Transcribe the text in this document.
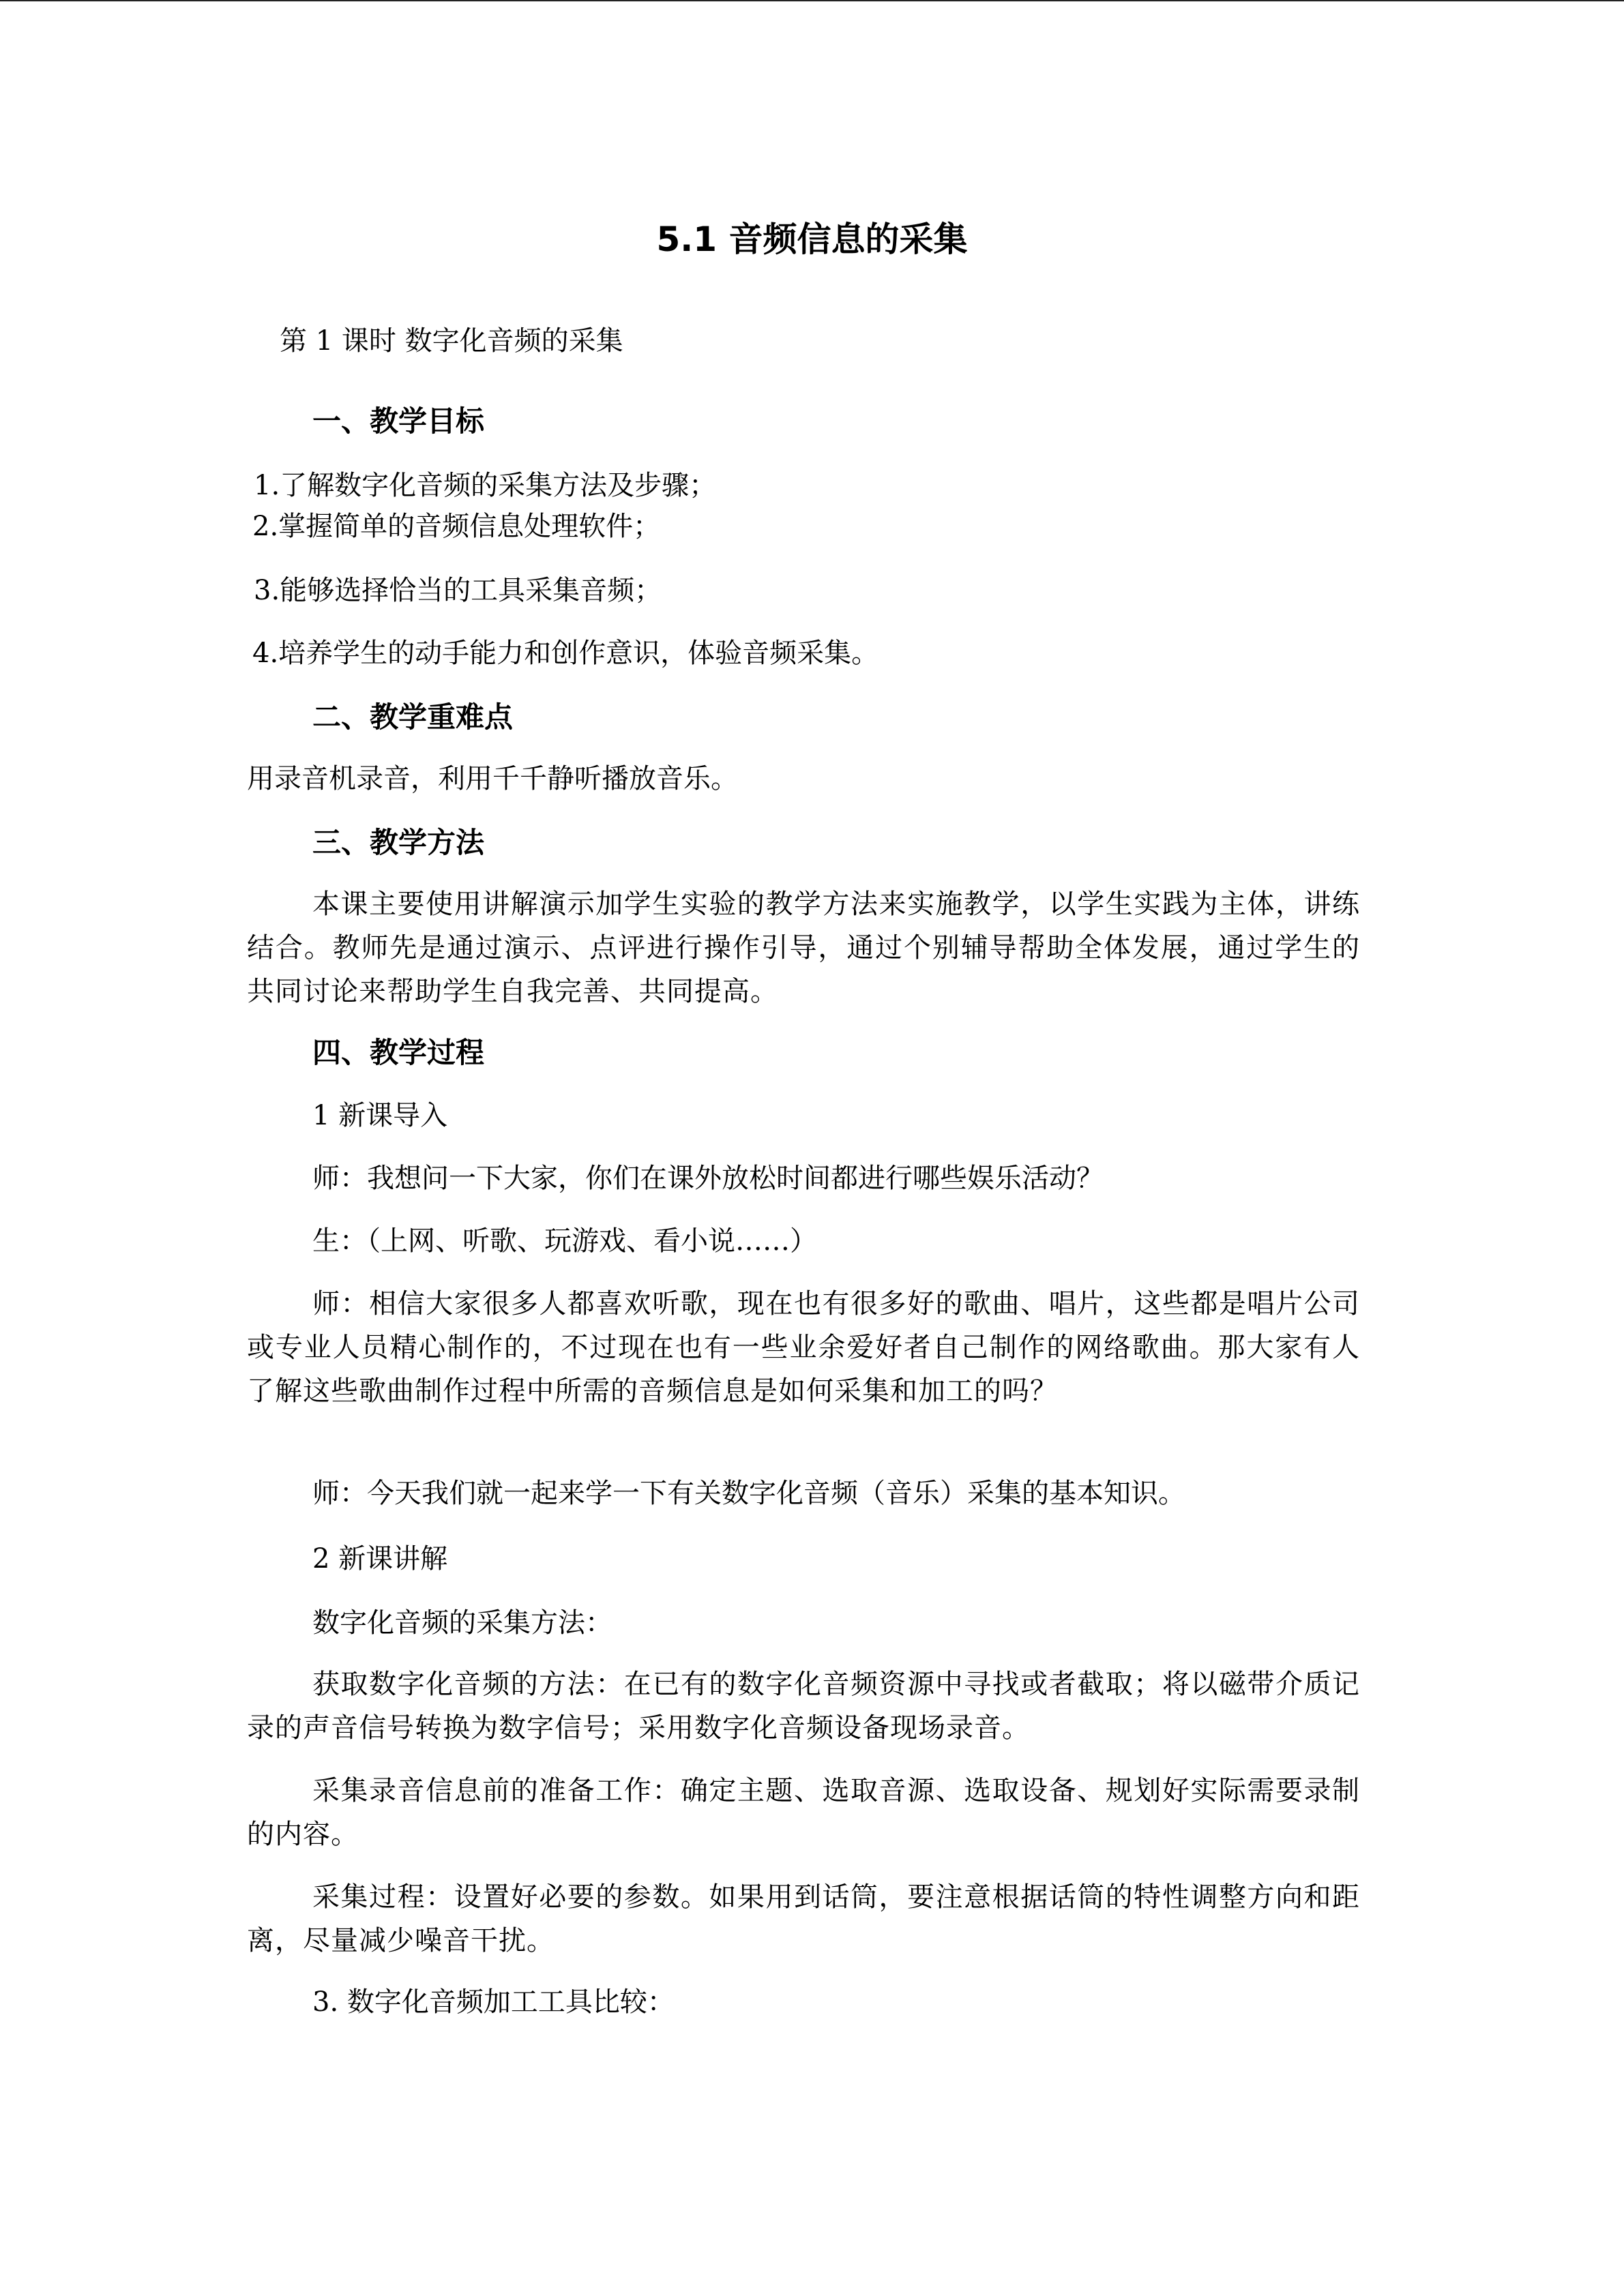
5.1 音频信息的采集
第 1 课时 数字化音频的采集
一、教学目标
1.了解数字化音频的采集方法及步骤；
2.掌握简单的音频信息处理软件；
3.能够选择恰当的工具采集音频；
4.培养学生的动手能力和创作意识，体验音频采集。
二、教学重难点
用录音机录音，利用千千静听播放音乐。
三、教学方法
本课主要使用讲解演示加学生实验的教学方法来实施教学，以学生实践为主体，讲练结合。教师先是通过演示、点评进行操作引导，通过个别辅导帮助全体发展，通过学生的共同讨论来帮助学生自我完善、共同提高。
四、教学过程
1 新课导入
师：我想问一下大家，你们在课外放松时间都进行哪些娱乐活动？
生：（上网、听歌、玩游戏、看小说……）
师：相信大家很多人都喜欢听歌，现在也有很多好的歌曲、唱片，这些都是唱片公司或专业人员精心制作的，不过现在也有一些业余爱好者自己制作的网络歌曲。那大家有人了解这些歌曲制作过程中所需的音频信息是如何采集和加工的吗？
师：今天我们就一起来学一下有关数字化音频（音乐）采集的基本知识。
2 新课讲解
数字化音频的采集方法：
获取数字化音频的方法：在已有的数字化音频资源中寻找或者截取；将以磁带介质记录的声音信号转换为数字信号；采用数字化音频设备现场录音。
采集录音信息前的准备工作：确定主题、选取音源、选取设备、规划好实际需要录制的内容。
采集过程：设置好必要的参数。如果用到话筒，要注意根据话筒的特性调整方向和距离，尽量减少噪音干扰。
3. 数字化音频加工工具比较：
